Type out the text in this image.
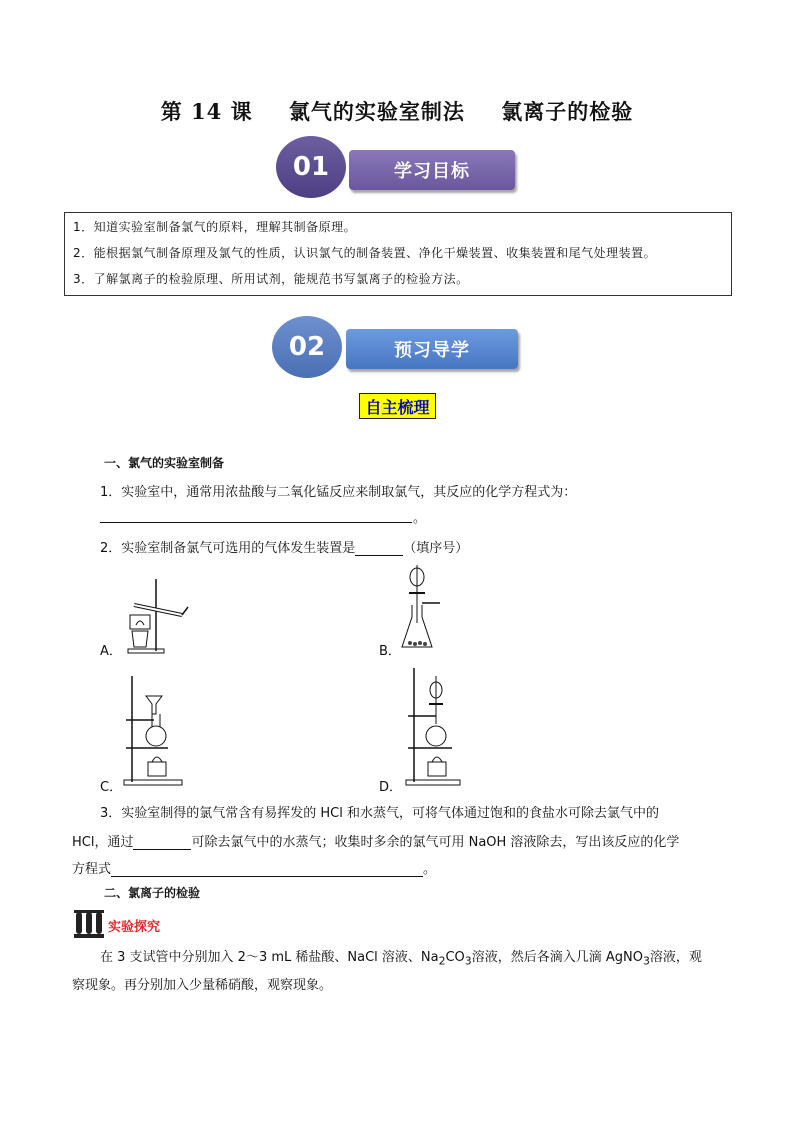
第 14 课 氯气的实验室制法 氯离子的检验
学习目标
01
1．知道实验室制备氯气的原料，理解其制备原理。
2．能根据氯气制备原理及氯气的性质，认识氯气的制备装置、净化干燥装置、收集装置和尾气处理装置。
3．了解氯离子的检验原理、所用试剂，能规范书写氯离子的检验方法。
预习导学
02
自主梳理
一、氯气的实验室制备
1．实验室中，通常用浓盐酸与二氧化锰反应来制取氯气，其反应的化学方程式为：
。
2．实验室制备氯气可选用的气体发生装置是	（填序号）
A．	B．
C．	D．
3．实验室制得的氯气常含有易挥发的 HCl 和水蒸气，可将气体通过饱和的食盐水可除去氯气中的
HCl，通过	可除去氯气中的水蒸气；收集时多余的氯气可用 NaOH 溶液除去，写出该反应的化学
方程式	。
二、氯离子的检验
实验探究
在 3 支试管中分别加入 2～3 mL 稀盐酸、NaCl 溶液、$Na_2CO_3$溶液，然后各滴入几滴 AgNO$_3$溶液，观
察现象。再分别加入少量稀硝酸，观察现象。
